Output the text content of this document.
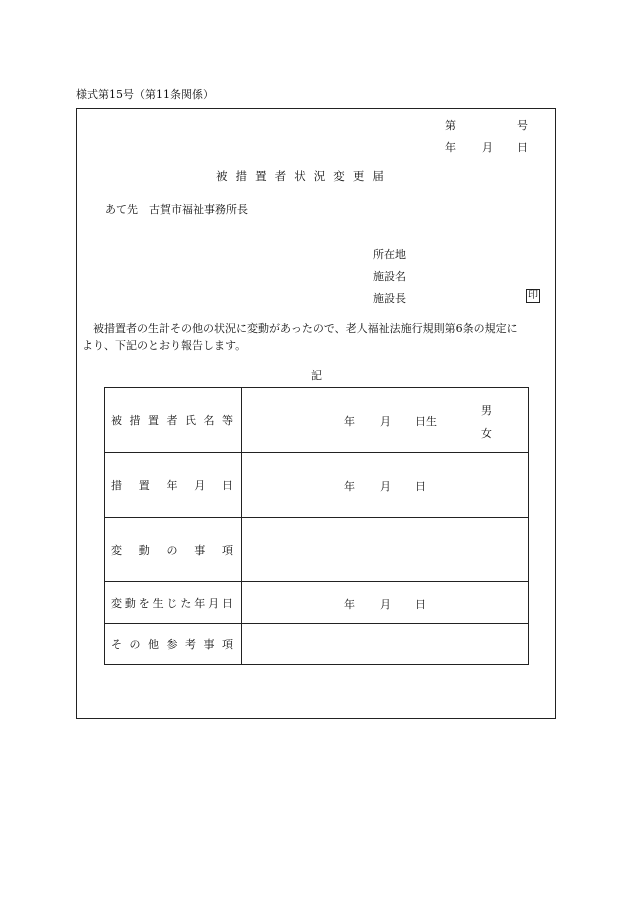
様式第15号（第11条関係）
第	号
年 月 日
被措置者状況変更届
あて先　古賀市福祉事務所長
所在地
施設名
施設長	印
被措置者の生計その他の状況に変動があったので、老人福祉法施行規則第6条の規定に
より、下記のとおり報告します。
記
被措置者氏名等	年 月 日生
男
女

措置年月日	年 月 日

変動の事項	
変動を生じた年月日	年 月 日

その他参考事項	
